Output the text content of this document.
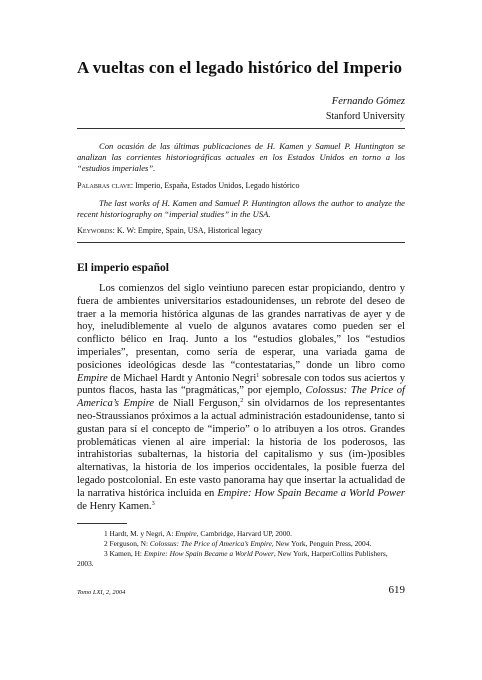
A vueltas con el legado histórico del Imperio
Fernando Gómez
Stanford University
Con ocasión de las últimas publicaciones de H. Kamen y Samuel P. Huntington se analizan las corrientes historiográficas actuales en los Estados Unidos en torno a los “estudios imperiales”.
Palabras clave: Imperio, España, Estados Unidos, Legado histórico
The last works of H. Kamen and Samuel P. Huntington allows the author to analyze the recent historiography on “imperial studies” in the USA.
Keywords: K. W: Empire, Spain, USA, Historical legacy
El imperio español

Los comienzos del siglo veintiuno parecen estar propiciando, dentro y fuera de ambientes universitarios estadounidenses, un rebrote del deseo de traer a la memoria histórica algunas de las grandes narrativas de ayer y de hoy, ineludiblemente al vuelo de algunos avatares como pueden ser el conflicto bélico en Iraq. Junto a los “estudios globales,” los “estudios imperiales”, presentan, como sería de esperar, una variada gama de posiciones ideológicas desde las “contestatarias,” donde un libro como Empire de Michael Hardt y Antonio Negri$^1$ sobresale con todos sus aciertos y puntos flacos, hasta las “pragmáticas,” por ejemplo, Colossus: The Price of America’s Empire de Niall Ferguson,$^2$ sin olvidarnos de los representantes neo-Straussianos próximos a la actual administración estadounidense, tanto si gustan para sí el concepto de “imperio” o lo atribuyen a los otros. Grandes problemáticas vienen al aire imperial: la historia de los poderosos, las intrahistorias subalternas, la historia del capitalismo y sus (im-)posibles alternativas, la historia de los imperios occidentales, la posible fuerza del legado postcolonial. En este vasto panorama hay que insertar la actualidad de la narrativa histórica incluida en Empire: How Spain Became a World Power de Henry Kamen.$^3$

1 Hardt, M. y Negri, A: Empire, Cambridge, Harvard UP, 2000.
2 Ferguson, N: Colossus: The Price of America’s Empire, New York, Penguin Press, 2004.
3 Kamen, H: Empire: How Spain Became a World Power, New York, HarperCollins Publishers, 2003.
Tomo LXI, 2, 2004	619
